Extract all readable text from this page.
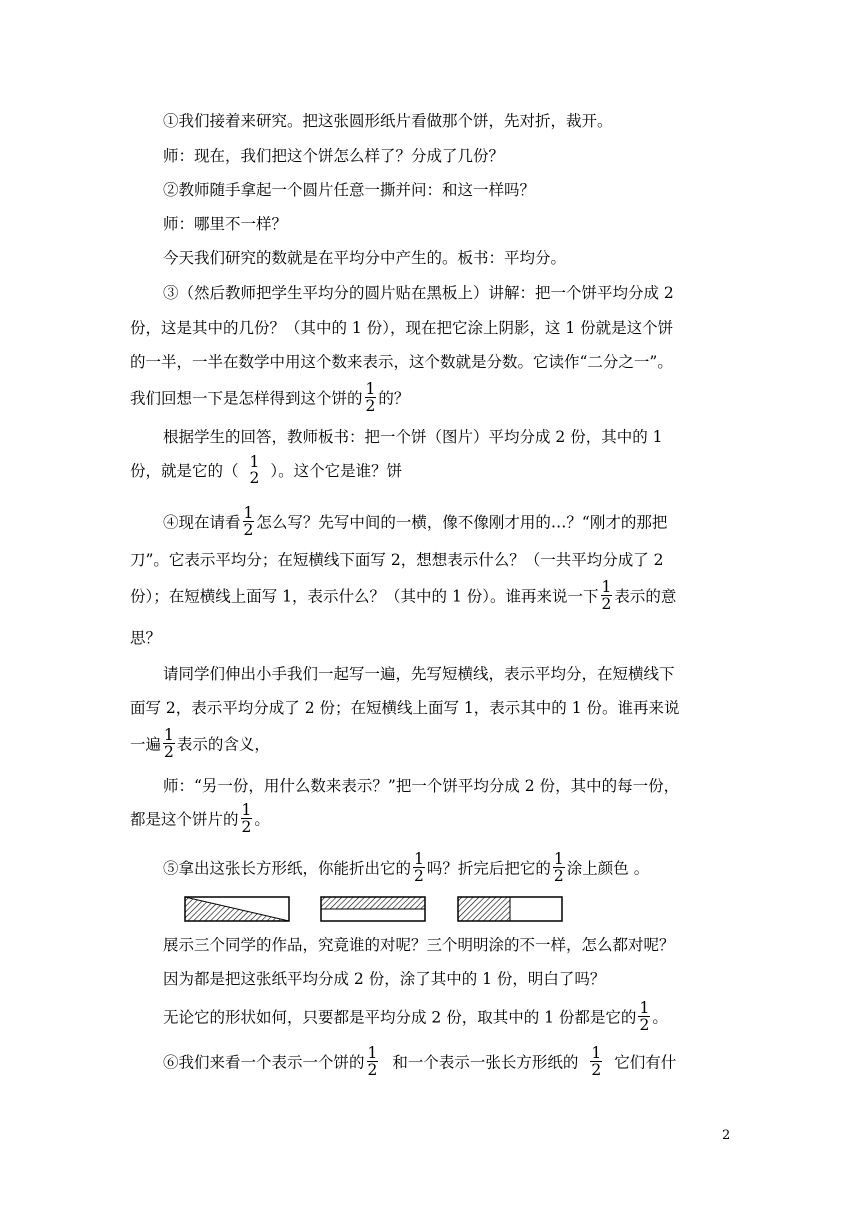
①我们接着来研究。把这张圆形纸片看做那个饼，先对折，裁开。
师：现在，我们把这个饼怎么样了？分成了几份？
②教师随手拿起一个圆片任意一撕并问：和这一样吗？
师：哪里不一样？
今天我们研究的数就是在平均分中产生的。板书：平均分。
③（然后教师把学生平均分的圆片贴在黑板上）讲解：把一个饼平均分成 2
份，这是其中的几份？（其中的 1 份），现在把它涂上阴影，这 1 份就是这个饼
的一半，一半在数学中用这个数来表示，这个数就是分数。它读作“二分之一”。
我们回想一下是怎样得到这个饼的 $\frac{1}{2}$ 的？
根据学生的回答，教师板书：把一个饼（图片）平均分成 2 份，其中的 1
份，就是它的（ 1
2 ）。这个它是谁？饼
④现在请看 $\frac{1}{2}$ 怎么写？先写中间的一横，像不像刚才用的…？“刚才的那把
刀”。它表示平均分；在短横线下面写 2，想想表示什么？（一共平均分成了 2
份）；在短横线上面写 1，表示什么？（其中的 1 份）。谁再来说一下 $\frac{1}{2}$ 表示的意
思？
请同学们伸出小手我们一起写一遍，先写短横线，表示平均分，在短横线下
面写 2，表示平均分成了 2 份；在短横线上面写 1，表示其中的 1 份。谁再来说
一遍 $\frac{1}{2}$ 表示的含义，
师：“另一份，用什么数来表示？”把一个饼平均分成 2 份，其中的每一份，
都是这个饼片的 $\frac{1}{2}$ 。
⑤拿出这张长方形纸，你能折出它的 $\frac{1}{2}$ 吗？折完后把它的 $\frac{1}{2}$ 涂上颜色 。
展示三个同学的作品，究竟谁的对呢？三个明明涂的不一样，怎么都对呢？
因为都是把这张纸平均分成 2 份，涂了其中的 1 份，明白了吗？
无论它的形状如何，只要都是平均分成 2 份，取其中的 1 份都是它的 $\frac{1}{2}$ 。
⑥我们来看一个表示一个饼的 $\frac{1}{2}$ 和一个表示一张长方形纸的 $\frac{1}{2}$ 它们有什
2
